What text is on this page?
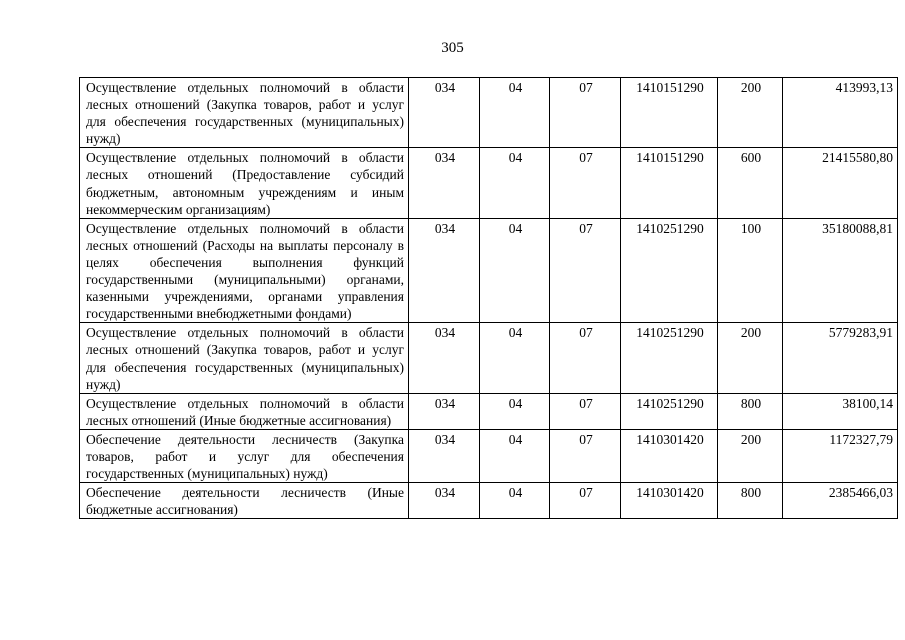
305
Осуществление отдельных полномочий в области лесных отношений (Закупка товаров, работ и услуг для обеспечения государственных (муниципальных) нужд)	034	04	07	1410151290	200	413993,13
Осуществление отдельных полномочий в области лесных отношений (Предоставление субсидий бюджетным, автономным учреждениям и иным некоммерческим организациям)	034	04	07	1410151290	600	21415580,80
Осуществление отдельных полномочий в области лесных отношений (Расходы на выплаты персоналу в целях обеспечения выполнения функций государственными (муниципальными) органами, казенными учреждениями, органами управления государственными внебюджетными фондами)	034	04	07	1410251290	100	35180088,81
Осуществление отдельных полномочий в области лесных отношений (Закупка товаров, работ и услуг для обеспечения государственных (муниципальных) нужд)	034	04	07	1410251290	200	5779283,91
Осуществление отдельных полномочий в области лесных отношений (Иные бюджетные ассигнования)	034	04	07	1410251290	800	38100,14
Обеспечение деятельности лесничеств (Закупка товаров, работ и услуг для обеспечения государственных (муниципальных) нужд)	034	04	07	1410301420	200	1172327,79
Обеспечение деятельности лесничеств (Иные бюджетные ассигнования)	034	04	07	1410301420	800	2385466,03
